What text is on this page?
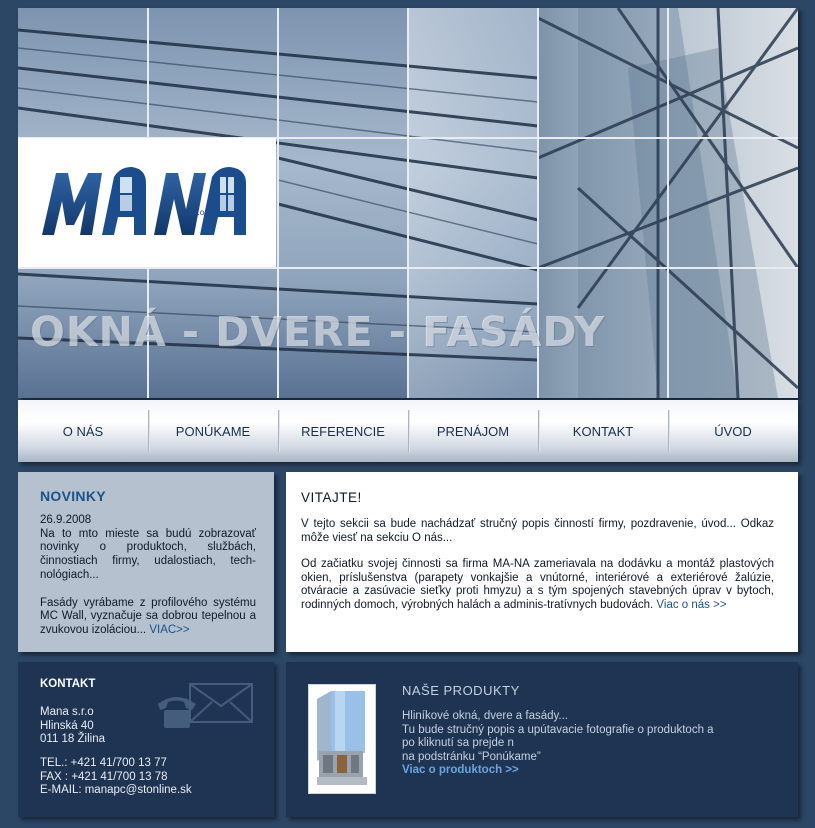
s.r.o.
OKNÁ - DVERE - FASÁDY
O NÁS	PONÚKAME	REFERENCIE	PRENÁJOM	KONTAKT	ÚVOD
NOVINKY

26.9.2008

Na to mto mieste sa budú zobrazovať novinky o produktoch, službách, činnostiach firmy, udalostiach, tech-nológiach...

Fasády vyrábame z profilového systému MC Wall, vyznačuje sa dobrou tepelnou a zvukovou izoláciou... VIAC>>

VITAJTE!

V tejto sekcii sa bude nachádzať stručný popis činností firmy, pozdravenie, úvod... Odkaz môže viesť na sekciu O nás...

Od začiatku svojej činnosti sa firma MA-NA zameriavala na dodávku a montáž plastových okien, príslušenstva (parapety vonkajšie a vnútorné, interiérové a exteriérové žalúzie, otváracie a zasúvacie sieťky proti hmyzu) a s tým spojených stavebných úprav v bytoch, rodinných domoch, výrobných halách a adminis-tratívnych budovách. Viac o nás >>

KONTAKT
Mana s.r.o
Hlinská 40
011 18 Žilina
TEL.: +421 41/700 13 77
FAX : +421 41/700 13 78
E-MAIL: manapc@stonline.sk
NAŠE PRODUKTY
Hliníkové okná, dvere a fasády...
Tu bude stručný popis a upútavacie fotografie o produktoch a
po kliknutí sa prejde n
na podstránku “Ponúkame”
Viac o produktoch >>
